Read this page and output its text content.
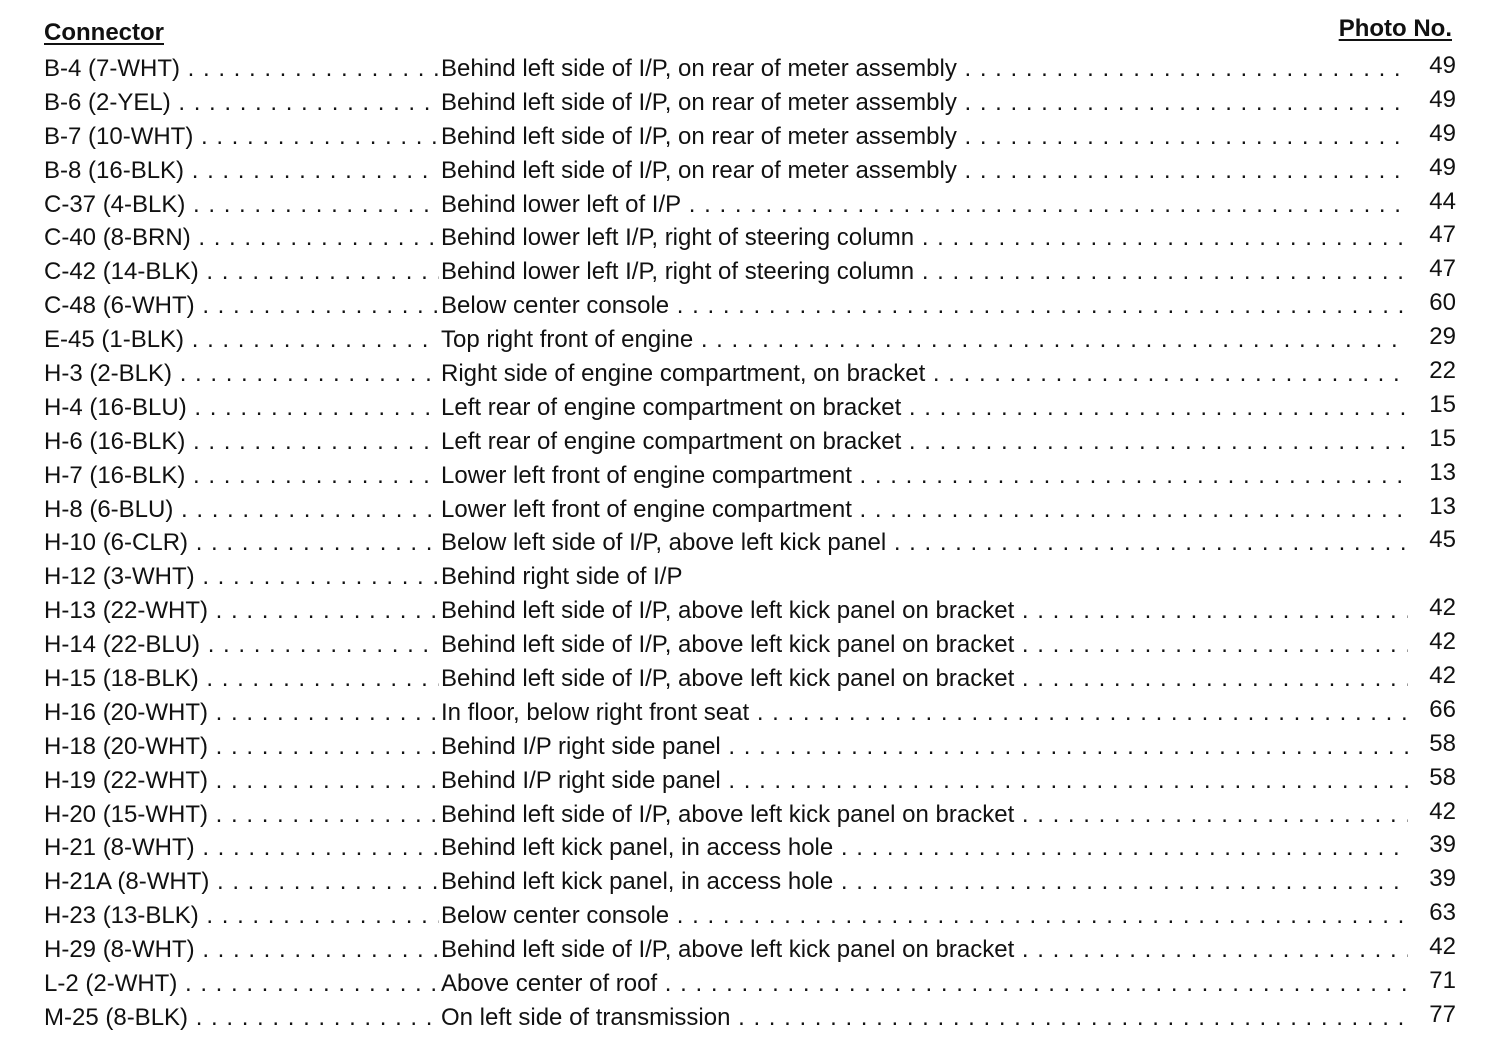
Connector	Photo No.
B-4 (7-WHT) . . .	Behind left side of I/P, on rear of meter assembly . . .	49
B-6 (2-YEL) . . .	Behind left side of I/P, on rear of meter assembly . . .	49
B-7 (10-WHT) . . .	Behind left side of I/P, on rear of meter assembly . . .	49
B-8 (16-BLK) . . .	Behind left side of I/P, on rear of meter assembly . . .	49
C-37 (4-BLK) . . .	Behind lower left of I/P . . .	44
C-40 (8-BRN) . . .	Behind lower left I/P, right of steering column . . .	47
C-42 (14-BLK) . . .	Behind lower left I/P, right of steering column . . .	47
C-48 (6-WHT) . . .	Below center console . . .	60
E-45 (1-BLK) . . .	Top right front of engine . . .	29
H-3 (2-BLK) . . .	Right side of engine compartment, on bracket . . .	22
H-4 (16-BLU) . . .	Left rear of engine compartment on bracket . . .	15
H-6 (16-BLK) . . .	Left rear of engine compartment on bracket . . .	15
H-7 (16-BLK) . . .	Lower left front of engine compartment . . .	13
H-8 (6-BLU) . . .	Lower left front of engine compartment . . .	13
H-10 (6-CLR) . . .	Below left side of I/P, above left kick panel . . .	45
H-12 (3-WHT) . . .	Behind right side of I/P
H-13 (22-WHT) . . .	Behind left side of I/P, above left kick panel on bracket . . .	42
H-14 (22-BLU) . . .	Behind left side of I/P, above left kick panel on bracket . . .	42
H-15 (18-BLK) . . .	Behind left side of I/P, above left kick panel on bracket . . .	42
H-16 (20-WHT) . . .	In floor, below right front seat . . .	66
H-18 (20-WHT) . . .	Behind I/P right side panel . . .	58
H-19 (22-WHT) . . .	Behind I/P right side panel . . .	58
H-20 (15-WHT) . . .	Behind left side of I/P, above left kick panel on bracket . . .	42
H-21 (8-WHT) . . .	Behind left kick panel, in access hole . . .	39
H-21A (8-WHT) . . .	Behind left kick panel, in access hole . . .	39
H-23 (13-BLK) . . .	Below center console . . .	63
H-29 (8-WHT) . . .	Behind left side of I/P, above left kick panel on bracket . . .	42
L-2 (2-WHT) . . .	Above center of roof . . .	71
M-25 (8-BLK) . . .	On left side of transmission . . .	77
